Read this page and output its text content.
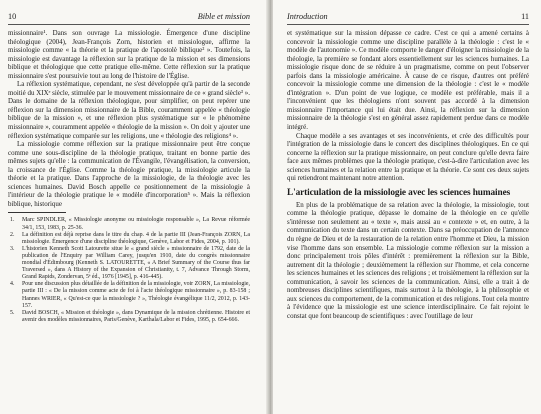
10	Bible et mission

missionnaire¹. Dans son ouvrage La missiologie. Émergence d'une discipline théologique (2004), Jean-François Zorn, historien et missiologue, affirme la missiologie comme « la théorie et la pratique de l'apostolè biblique² ». Toutefois, la missiologie est davantage la réflexion sur la pratique de la mission et ses dimensions biblique et théologique que cette pratique elle-même. Cette réflexion sur la pratique missionnaire s'est poursuivie tout au long de l'histoire de l'Église.

La réflexion systématique, cependant, ne s'est développée qu'à partir de la seconde moitié du XIXᵉ siècle, stimulée par le mouvement missionnaire de ce « grand siècle³ ». Dans le domaine de la réflexion théologique, pour simplifier, on peut repérer une réflexion sur la dimension missionnaire de la Bible, couramment appelée « théologie biblique de la mission », et une réflexion plus systématique sur « le phénomène missionnaire », couramment appelée « théologie de la mission ». On doit y ajouter une réflexion systématique comparée sur les religions, une « théologie des religions⁴ ».

La missiologie comme réflexion sur la pratique missionnaire peut être conçue comme une sous-discipline de la théologie pratique, traitant en bonne partie des mêmes sujets qu'elle : la communication de l'Évangile, l'évangélisation, la conversion, la croissance de l'Église. Comme la théologie pratique, la missiologie articule la théorie et la pratique. Dans l'approche de la missiologie, de la théologie avec les sciences humaines. David Bosch appelle ce positionnement de la missiologie à l'intérieur de la théologie pratique le « modèle d'incorporation⁵ ». Mais la réflexion biblique, historique

1. Marc SPINDLER, « Missiologie anonyme ou missiologie responsable », La Revue réformée 34/1, 153, 1983, p. 25-36.
2. La définition est déjà reprise dans le titre du chap. 4 de la partie III (Jean-François ZORN, La missiologie. Émergence d'une discipline théologique, Genève, Labor et Fides, 2004, p. 101).
3. L'historien Kenneth Scott Latourette situe le « grand siècle » missionnaire de 1792, date de la publication de l'Enquiry par William Carey, jusqu'en 1910, date du congrès missionnaire mondial d'Édimbourg (Kenneth S. LATOURETTE, « A Brief Summary of the Course thus far Traversed », dans A History of the Expansion of Christianity, t. 7, Advance Through Storm, Grand Rapids, Zondervan, 5ᵉ éd., 1976 [1945], p. 416-445).
4. Pour une discussion plus détaillée de la définition de la missiologie, voir ZORN, La missiologie, partie III : « De la mission comme acte de foi à l'acte théologique missionnaire », p. 83-158 ; Hannes WRIER, « Qu'est-ce que la missiologie ? », Théologie évangélique 11/2, 2012, p. 143-157.
5. David BOSCH, « Mission et théologie », dans Dynamique de la mission chrétienne. Histoire et avenir des modèles missionnaires, Paris/Genève, Karthala/Labor et Fides, 1995, p. 654-666.
Introduction	11

et systématique sur la mission dépasse ce cadre. C'est ce qui a amené certains à concevoir la missiologie comme une discipline parallèle à la théologie : c'est le « modèle de l'autonomie ». Ce modèle comporte le danger d'éloigner la missiologie de la théologie, la première se fondant alors essentiellement sur les sciences humaines. La missiologie risque donc de se réduire à un pragmatisme, comme on peut l'observer parfois dans la missiologie américaine. À cause de ce risque, d'autres ont préféré concevoir la missiologie comme une dimension de la théologie : c'est le « modèle d'intégration ». D'un point de vue logique, ce modèle est préférable, mais il a l'inconvénient que les théologiens n'ont souvent pas accordé à la dimension missionnaire l'importance qui lui était due. Ainsi, la réflexion sur la dimension missionnaire de la théologie s'est en général assez rapidement perdue dans ce modèle intégré.

Chaque modèle a ses avantages et ses inconvénients, et crée des difficultés pour l'intégration de la missiologie dans le concert des disciplines théologiques. En ce qui concerne la réflexion sur la pratique missionnaire, on peut conclure qu'elle devra faire face aux mêmes problèmes que la théologie pratique, c'est-à-dire l'articulation avec les sciences humaines et la relation entre la pratique et la théorie. Ce sont ces deux sujets qui retiendront maintenant notre attention.

L'articulation de la missiologie avec les sciences humaines

En plus de la problématique de sa relation avec la théologie, la missiologie, tout comme la théologie pratique, dépasse le domaine de la théologie en ce qu'elle s'intéresse non seulement au « texte », mais aussi au « contexte » et, en outre, à la communication du texte dans un certain contexte. Dans sa préoccupation de l'annonce du règne de Dieu et de la restauration de la relation entre l'homme et Dieu, la mission vise l'homme dans son ensemble. La missiologie comme réflexion sur la mission a donc principalement trois pôles d'intérêt : premièrement la réflexion sur la Bible, autrement dit la théologie ; deuxièmement la réflexion sur l'homme, et cela concerne les sciences humaines et les sciences des religions ; et troisièmement la réflexion sur la communication, à savoir les sciences de la communication. Ainsi, elle a trait à de nombreuses disciplines scientifiques, mais surtout à la théologie, à la philosophie et aux sciences du comportement, de la communication et des religions. Tout cela montre à l'évidence que la missiologie est une science interdisciplinaire. Ce fait rejoint le constat que font beaucoup de scientifiques : avec l'outillage de leur
